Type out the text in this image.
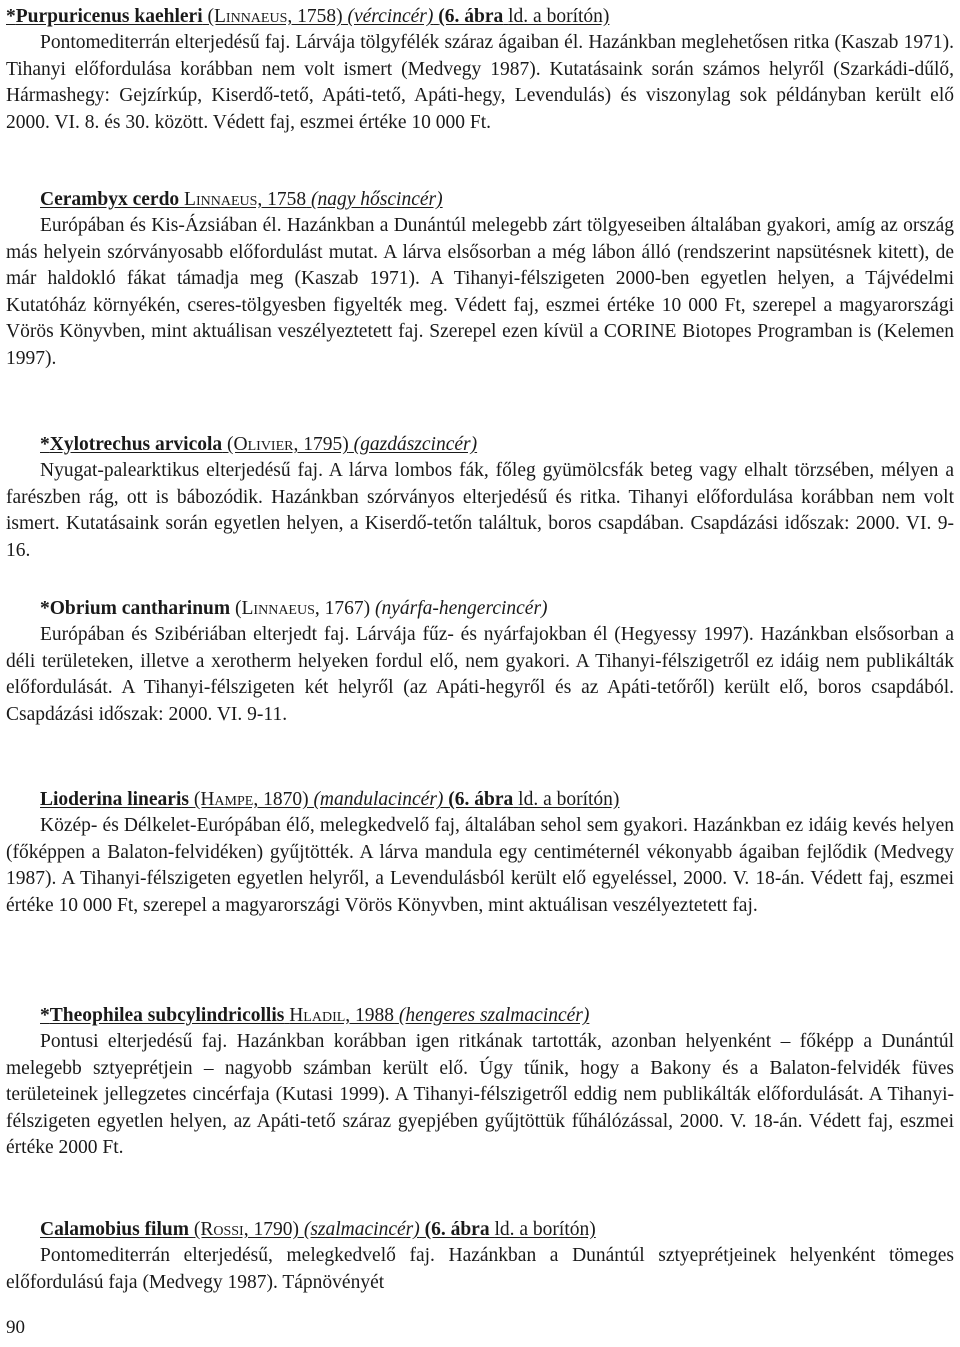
*Purpuricenus kaehleri (Linnaeus, 1758) (vércincér) (6. ábra ld. a borítón)
Pontomediterrán elterjedésű faj. Lárvája tölgyfélék száraz ágaiban él. Hazánkban meglehetősen ritka (Kaszab 1971). Tihanyi előfordulása korábban nem volt ismert (Medvegy 1987). Kutatásaink során számos helyről (Szarkádi-dűlő, Hármashegy: Gejzírkúp, Kiserdő-tető, Apáti-tető, Apáti-hegy, Levendulás) és viszonylag sok példányban került elő 2000. VI. 8. és 30. között. Védett faj, eszmei értéke 10 000 Ft.
Cerambyx cerdo Linnaeus, 1758 (nagy hőscincér)
Európában és Kis-Ázsiában él. Hazánkban a Dunántúl melegebb zárt tölgyeseiben általában gyakori, amíg az ország más helyein szórványosabb előfordulást mutat. A lárva elsősorban a még lábon álló (rendszerint napsütésnek kitett), de már haldokló fákat támadja meg (Kaszab 1971). A Tihanyi-félszigeten 2000-ben egyetlen helyen, a Tájvédelmi Kutatóház környékén, cseres-tölgyesben figyelték meg. Védett faj, eszmei értéke 10 000 Ft, szerepel a magyarországi Vörös Könyvben, mint aktuálisan veszélyeztetett faj. Szerepel ezen kívül a CORINE Biotopes Programban is (Kelemen 1997).
*Xylotrechus arvicola (Olivier, 1795) (gazdászcincér)
Nyugat-palearktikus elterjedésű faj. A lárva lombos fák, főleg gyümölcsfák beteg vagy elhalt törzsében, mélyen a farészben rág, ott is bábozódik. Hazánkban szórványos elterjedésű és ritka. Tihanyi előfordulása korábban nem volt ismert. Kutatásaink során egyetlen helyen, a Kiserdő-tetőn találtuk, boros csapdában. Csapdázási időszak: 2000. VI. 9-16.
*Obrium cantharinum (Linnaeus, 1767) (nyárfa-hengercincér)
Európában és Szibériában elterjedt faj. Lárvája fűz- és nyárfajokban él (Hegyessy 1997). Hazánkban elsősorban a déli területeken, illetve a xerotherm helyeken fordul elő, nem gyakori. A Tihanyi-félszigetről ez idáig nem publikálták előfordulását. A Tihanyi-félszigeten két helyről (az Apáti-hegyről és az Apáti-tetőről) került elő, boros csapdából. Csapdázási időszak: 2000. VI. 9-11.
Lioderina linearis (Hampe, 1870) (mandulacincér) (6. ábra ld. a borítón)
Közép- és Délkelet-Európában élő, melegkedvelő faj, általában sehol sem gyakori. Hazánkban ez idáig kevés helyen (főképpen a Balaton-felvidéken) gyűjtötték. A lárva mandula egy centiméternél vékonyabb ágaiban fejlődik (Medvegy 1987). A Tihanyi-félszigeten egyetlen helyről, a Levendulásból került elő egyeléssel, 2000. V. 18-án. Védett faj, eszmei értéke 10 000 Ft, szerepel a magyarországi Vörös Könyvben, mint aktuálisan veszélyeztetett faj.
*Theophilea subcylindricollis Hladil, 1988 (hengeres szalmacincér)
Pontusi elterjedésű faj. Hazánkban korábban igen ritkának tartották, azonban helyenként – főképp a Dunántúl melegebb sztyeprétjein – nagyobb számban került elő. Úgy tűnik, hogy a Bakony és a Balaton-felvidék füves területeinek jellegzetes cincérfaja (Kutasi 1999). A Tihanyi-félszigetről eddig nem publikálták előfordulását. A Tihanyi-félszigeten egyetlen helyen, az Apáti-tető száraz gyepjében gyűjtöttük fűhálózással, 2000. V. 18-án. Védett faj, eszmei értéke 2000 Ft.
Calamobius filum (Rossi, 1790) (szalmacincér) (6. ábra ld. a borítón)
Pontomediterrán elterjedésű, melegkedvelő faj. Hazánkban a Dunántúl sztyeprétjeinek helyenként tömeges előfordulású faja (Medvegy 1987). Tápnövényét
90
